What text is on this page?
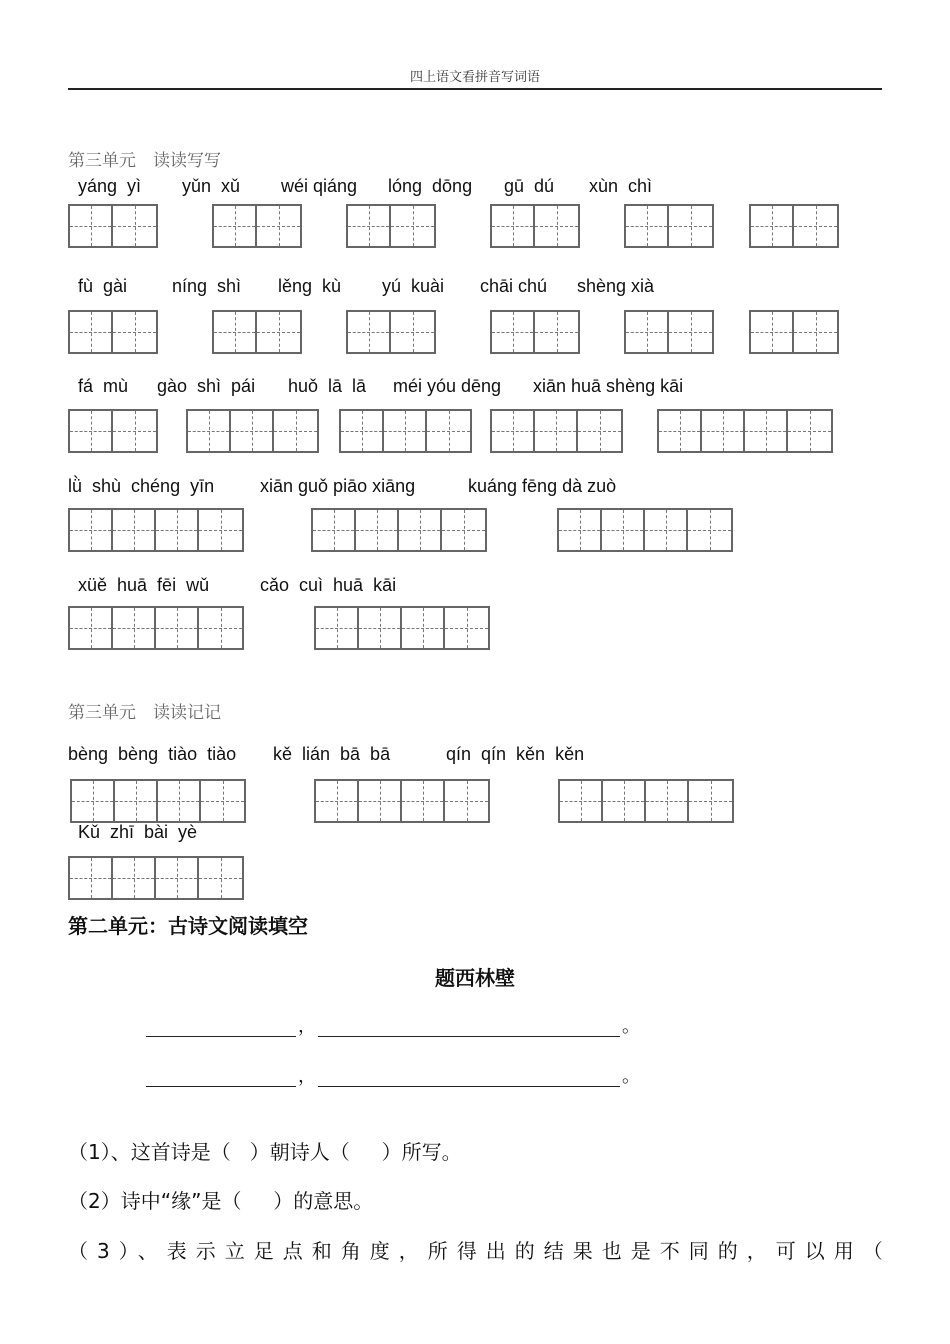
四上语文看拼音写词语
第三单元　读读写写
yáng  yì yǔn  xǔ wéi qiáng lóng  dōng gū  dú xùn  chì
fù  gài níng  shì lěng  kù yú  kuài chāi chú shèng xià
fá  mù gào  shì  pái huǒ  lā  lā méi yóu dēng xiān huā shèng kāi
lǜ  shù  chéng  yīn	xiān guǒ piāo xiāng	kuáng fēng dà zuò
xüě  huā  fēi  wǔ	cǎo  cuì  huā  kāi
第三单元　读读记记
bèng  bèng  tiào  tiào kě  lián  bā  bā	qín  qín  kěn  kěn
Kǔ  zhī  bài  yè
第二单元：古诗文阅读填空
题西林壁
，	。
，	。
（1）、这首诗是（   ）朝诗人（     ）所写。
（2）诗中“缘”是（     ）的意思。
（3）、表示立足点和角度，所得出的结果也是不同的，可以用（
